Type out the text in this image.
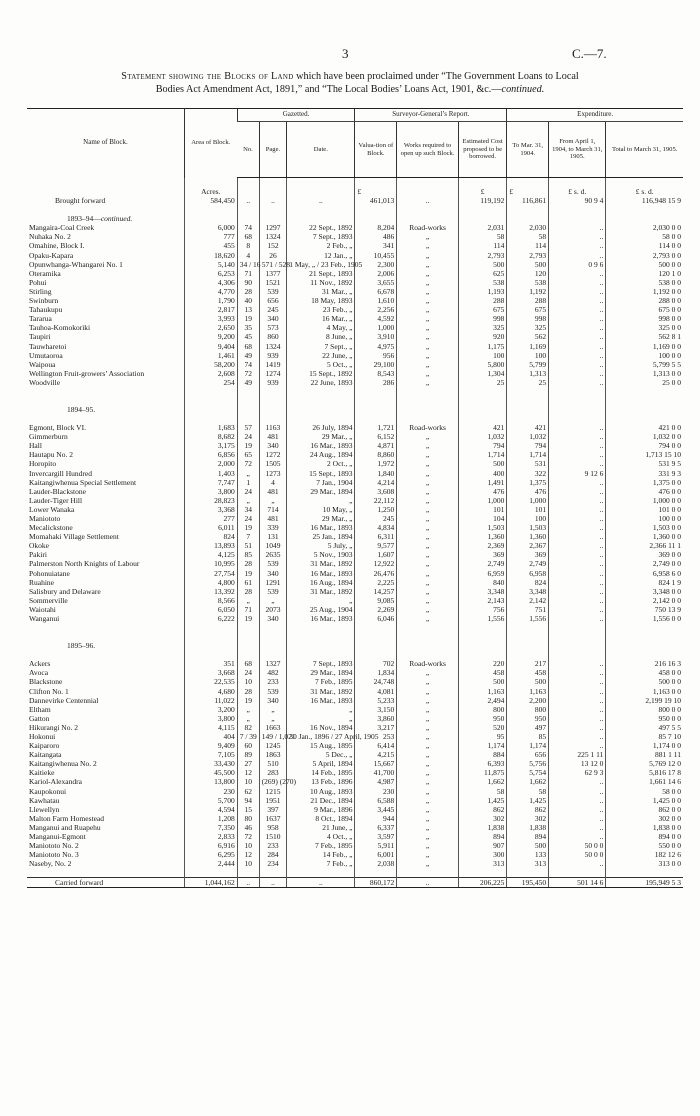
3	C.—7.
Statement showing the Blocks of Land which have been proclaimed under “The Government Loans to Local
Bodies Act Amendment Act, 1891,” and “The Local Bodies’ Loans Act, 1901, &c.—continued.
Name of Block.	Area of Block.	Gazetted.			Surveyor-General’s Report.			Expenditure.		
		No.	Page.	Date.	Valua-tion of Block.	Works required to open up such Block.	Estimated Cost proposed to be borrowed.	To Mar. 31, 1904.	From April 1, 1904, to March 31, 1905.	Total to March 31, 1905.

	Acres.				£		£	£	£ s. d.	£ s. d.
Brought forward	584,450	..	..	..	461,013	..	119,192	116,861	90 9 4	116,948 15 9

1893–94—continued.										
Mangaira-Coal Creek	6,000	74	1297	22 Sept., 1892	8,204	Road-works	2,031	2,030	..	2,030 0 0
Nuhaka No. 2	777	68	1324	7 Sept., 1893	486	„	58	58	..	58 0 0
Omahine, Block I.	455	8	152	2 Feb., „	341	„	114	114	..	114 0 0
Opaku-Kapara	18,620	4	26	12 Jan., „	10,455	„	2,793	2,793	..	2,793 0 0
Opunwhanga-Whangarei No. 1	5,140	34 / 16	571 / 528	1 May, „ / 23 Feb., 1905	2,300	„	500	500	0 9 6	500 0 0
Oteramika	6,253	71	1377	21 Sept., 1893	2,006	„	625	120	..	120 1 0
Pohui	4,306	90	1521	11 Nov., 1892	3,655	„	538	538	..	538 0 0
Stirling	4,770	28	539	31 Mar., „	6,678	„	1,193	1,192	..	1,192 0 0
Swinburn	1,790	40	656	18 May, 1893	1,610	„	288	288	..	288 0 0
Tahaukupu	2,817	13	245	23 Feb., „	2,256	„	675	675	..	675 0 0
Tararua	3,993	19	340	16 Mar., „	4,592	„	998	998	..	998 0 0
Tauhoa-Komokoriki	2,650	35	573	4 May, „	1,000	„	325	325	..	325 0 0
Taupiri	9,200	45	860	8 June, „	3,910	„	920	562	..	562 8 1
Tauwharetoi	9,404	68	1324	7 Sept., „	4,975	„	1,175	1,169	..	1,169 0 0
Umutaoroa	1,461	49	939	22 June, „	956	„	100	100	..	100 0 0
Waipoua	58,200	74	1419	5 Oct., „	29,100	„	5,800	5,799	..	5,799 5 5
Wellington Fruit-growers’ Association	2,608	72	1274	15 Sept., 1892	8,543	„	1,304	1,313	..	1,313 0 0
Woodville	254	49	939	22 June, 1893	286	„	25	25	..	25 0 0

1894–95.										

Egmont, Block VI.	1,683	57	1163	26 July, 1894	1,721	Road-works	421	421	..	421 0 0
Gimmerburn	8,682	24	481	29 Mar., „	6,152	„	1,032	1,032	..	1,032 0 0
Hall	3,175	19	340	16 Mar., 1893	4,871	„	794	794	..	794 0 0
Hautapu No. 2	6,856	65	1272	24 Aug., 1894	8,860	„	1,714	1,714	..	1,713 15 10
Horopito	2,000	72	1505	2 Oct., „	1,972	„	500	531	..	531 9 5
Invercargill Hundred	1,403	„	1273	15 Sept., 1893	1,840	„	400	322	9 12 6	331 9 3
Kaitangiwhenua Special Settlement	7,747	1	4	7 Jan., 1904	4,214	„	1,491	1,375	..	1,375 0 0
Lauder-Blackstone	3,800	24	481	29 Mar., 1894	3,608	„	476	476	..	476 0 0
Lauder-Tiger Hill	28,823	„	„	„	22,112	„	1,000	1,000	..	1,000 0 0
Lower Wanaka	3,368	34	714	10 May, „	1,250	„	101	101	..	101 0 0
Maniototo	277	24	481	29 Mar., „	245	„	104	100	..	100 0 0
Mecalickstone	6,011	19	339	16 Mar., 1893	4,834	„	1,503	1,503	..	1,503 0 0
Momahaki Village Settlement	824	7	131	25 Jan., 1894	6,311	„	1,360	1,360	..	1,360 0 0
Okoke	13,893	51	1049	5 July, „	9,577	„	2,369	2,367	..	2,366 11 1
Pakiri	4,125	85	2635	5 Nov., 1903	1,607	„	369	369	..	369 0 0
Palmerston North Knights of Labour	10,995	28	539	31 Mar., 1892	12,922	„	2,749	2,749	..	2,749 0 0
Pohonuiatane	27,754	19	340	16 Mar., 1893	26,476	„	6,959	6,958	..	6,958 6 0
Ruahine	4,800	61	1291	16 Aug., 1894	2,225	„	840	824	..	824 1 9
Salisbury and Delaware	13,392	28	539	31 Mar., 1892	14,257	„	3,348	3,348	..	3,348 0 0
Sommerville	8,566	„	„	„	9,085	„	2,143	2,142	..	2,142 0 0
Waiotahi	6,050	71	2073	25 Aug., 1904	2,269	„	756	751	..	750 13 9
Wanganui	6,222	19	340	16 Mar., 1893	6,046	„	1,556	1,556	..	1,556 0 0

1895–96.										

Ackers	351	68	1327	7 Sept., 1893	702	Road-works	220	217	..	216 16 3
Avoca	3,668	24	482	29 Mar., 1894	1,834	„	458	458	..	458 0 0
Blackstone	22,535	10	233	7 Feb., 1895	24,748	„	500	500	..	500 0 0
Clifton No. 1	4,680	28	539	31 Mar., 1892	4,081	„	1,163	1,163	..	1,163 0 0
Dannevirke Centennial	11,022	19	340	16 Mar., 1893	5,233	„	2,494	2,200	..	2,199 19 10
Eltham	3,200	„	„	„	3,150	„	800	800	..	800 0 0
Gatton	3,800	„	„	„	3,860	„	950	950	..	950 0 0
Hikurangi No. 2	4,115	82	1663	16 Nov., 1894	3,217	„	520	497	..	497 5 5
Hokonui	404	7 / 39	149 / 1,021	30 Jan., 1896 / 27 April, 1905	253	„	95	85	..	85 7 10
Kaiparoro	9,409	60	1245	15 Aug., 1895	6,414	„	1,174	1,174	..	1,174 0 0
Kaitangata	7,105	89	1863	5 Dec., „	4,215	„	884	656	225 1 11	881 1 11
Kaitangiwhenua No. 2	33,430	27	510	5 April, 1894	15,667	„	6,393	5,756	13 12 0	5,769 12 0
Kaitieke	45,500	12	283	14 Feb., 1895	41,700	„	11,875	5,754	62 9 3	5,816 17 8
Kariol-Alexandra	13,800	10	(269) (270)	13 Feb., 1896	4,987	„	1,662	1,662	..	1,661 14 6
Kaupokonui	230	62	1215	10 Aug., 1893	230	„	58	58	..	58 0 0
Kawhatau	5,700	94	1951	21 Dec., 1894	6,588	„	1,425	1,425	..	1,425 0 0
Llewellyn	4,594	15	397	9 Mar., 1896	3,445	„	862	862	..	862 0 0
Malton Farm Homestead	1,208	80	1637	8 Oct., 1894	944	„	302	302	..	302 0 0
Manganui and Ruapehu	7,350	46	958	21 June, „	6,337	„	1,838	1,838	..	1,838 0 0
Manganui-Egmont	2,833	72	1510	4 Oct., „	3,597	„	894	894	..	894 0 0
Maniototo No. 2	6,916	10	233	7 Feb., 1895	5,911	„	907	500	50 0 0	550 0 0
Maniototo No. 3	6,295	12	284	14 Feb., „	6,001	„	300	133	50 0 0	182 12 6
Naseby, No. 2	2,444	10	234	7 Feb., „	2,038	„	313	313	..	313 0 0

Carried forward	1,044,162	..	..	..	860,172	..	206,225	195,450	501 14 6	195,949 5 3
